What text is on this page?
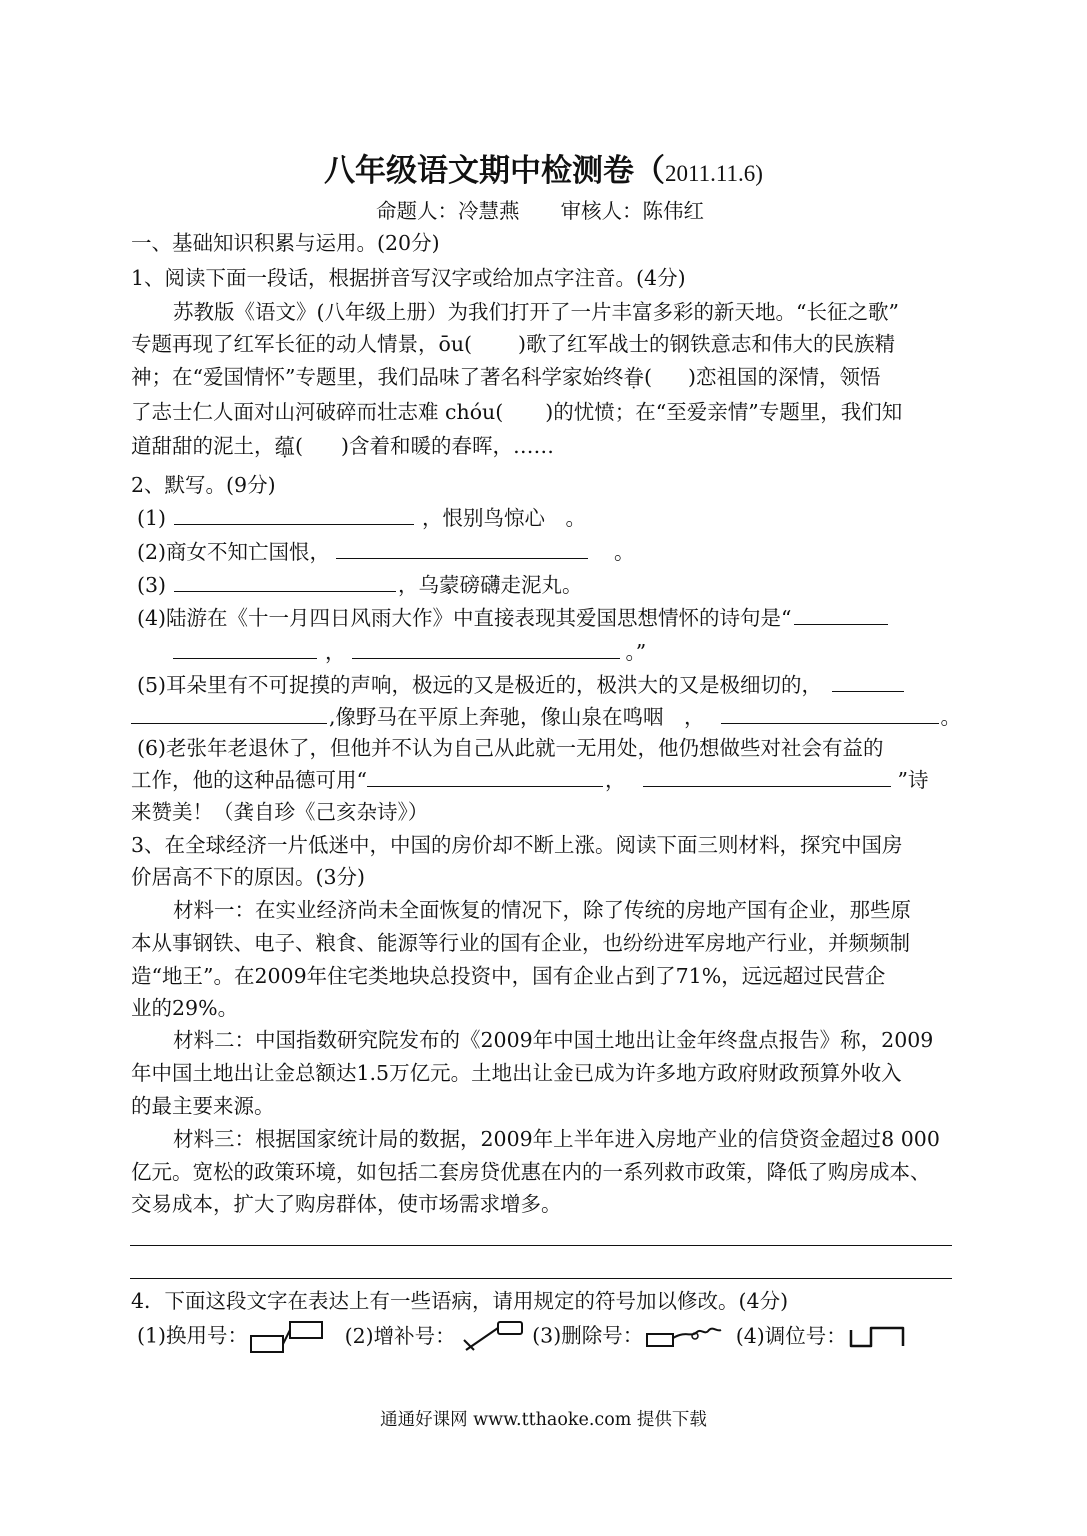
八年级语文期中检测卷（2011.11.6)
命题人：冷慧燕　　审核人：陈伟红
一、基础知识积累与运用。(20分)
1、阅读下面一段话，根据拼音写汉字或给加点字注音。(4分)
苏教版《语文》(八年级上册）为我们打开了一片丰富多彩的新天地。“长征之歌”
专题再现了红军长征的动人情景，ōu( )歌了红军战士的钢铁意志和伟大的民族精
神；在“爱国情怀”专题里，我们品味了著名科学家始终眷( )恋祖国的深情，领悟
了志士仁人面对山河破碎而壮志难 chóu( )的忧愤；在“至爱亲情”专题里，我们知
道甜甜的泥土，蕴( )含着和暖的春晖，……
2、默写。(9分)
(1)	，恨别鸟惊心　。
(2)商女不知亡国恨，	。
(3)	，乌蒙磅礴走泥丸。
(4)陆游在《十一月四日风雨大作》中直接表现其爱国思想情怀的诗句是“
，	。”
(5)耳朵里有不可捉摸的声响，极远的又是极近的，极洪大的又是极细切的，
,像野马在平原上奔驰，像山泉在鸣咽　，	。
(6)老张年老退休了，但他并不认为自己从此就一无用处，他仍想做些对社会有益的
工作，他的这种品德可用“	，	”诗
来赞美！（龚自珍《己亥杂诗》）
3、在全球经济一片低迷中，中国的房价却不断上涨。阅读下面三则材料，探究中国房
价居高不下的原因。(3分)
材料一：在实业经济尚未全面恢复的情况下，除了传统的房地产国有企业，那些原
本从事钢铁、电子、粮食、能源等行业的国有企业，也纷纷进军房地产行业，并频频制
造“地王”。在2009年住宅类地块总投资中，国有企业占到了71%，远远超过民营企
业的29%。
材料二：中国指数研究院发布的《2009年中国土地出让金年终盘点报告》称，2009
年中国土地出让金总额达1.5万亿元。土地出让金已成为许多地方政府财政预算外收入
的最主要来源。
材料三：根据国家统计局的数据，2009年上半年进入房地产业的信贷资金超过8 000
亿元。宽松的政策环境，如包括二套房贷优惠在内的一系列救市政策，降低了购房成本、
交易成本，扩大了购房群体，使市场需求增多。
4．下面这段文字在表达上有一些语病，请用规定的符号加以修改。(4分)
(1)换用号：	(2)增补号：	(3)删除号：	(4)调位号：
通通好课网 www.tthaoke.com 提供下载
